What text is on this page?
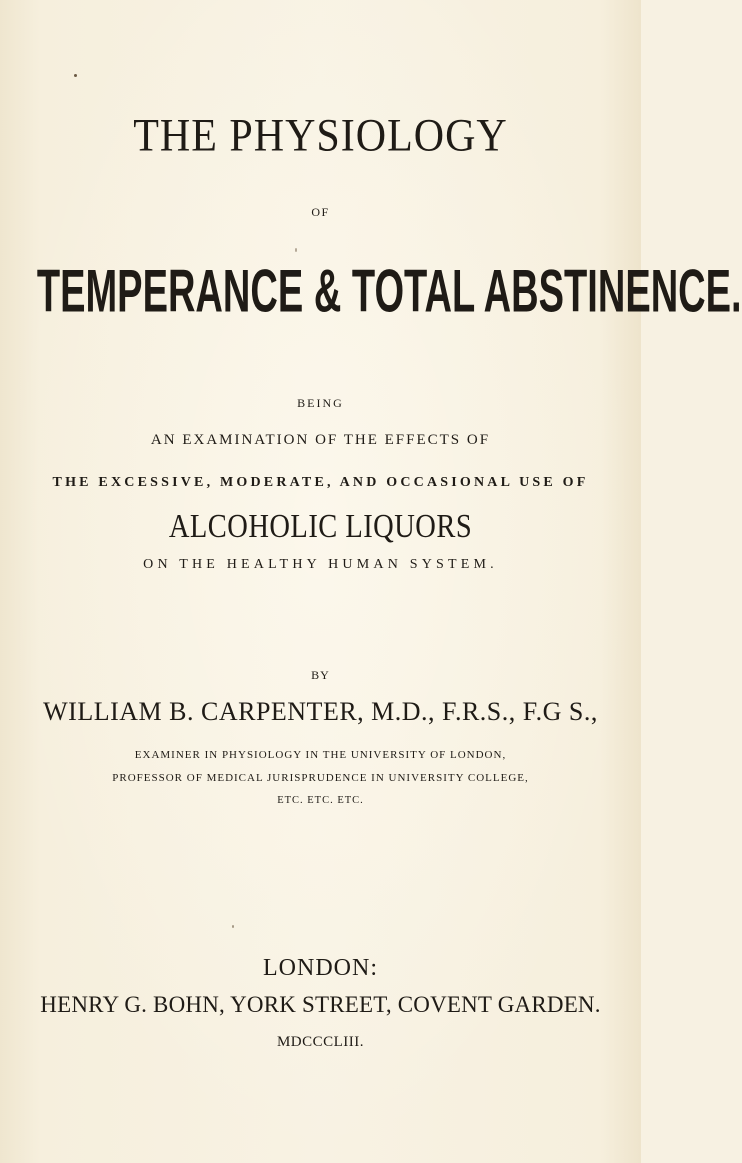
THE PHYSIOLOGY
OF
TEMPERANCE & TOTAL ABSTINENCE.
BEING
AN EXAMINATION OF THE EFFECTS OF
THE EXCESSIVE, MODERATE, AND OCCASIONAL USE OF
ALCOHOLIC LIQUORS
ON THE HEALTHY HUMAN SYSTEM.
BY
WILLIAM B. CARPENTER, M.D., F.R.S., F.G S.,
EXAMINER IN PHYSIOLOGY IN THE UNIVERSITY OF LONDON,
PROFESSOR OF MEDICAL JURISPRUDENCE IN UNIVERSITY COLLEGE,
ETC. ETC. ETC.
LONDON:
HENRY G. BOHN, YORK STREET, COVENT GARDEN.
MDCCCLIII.
